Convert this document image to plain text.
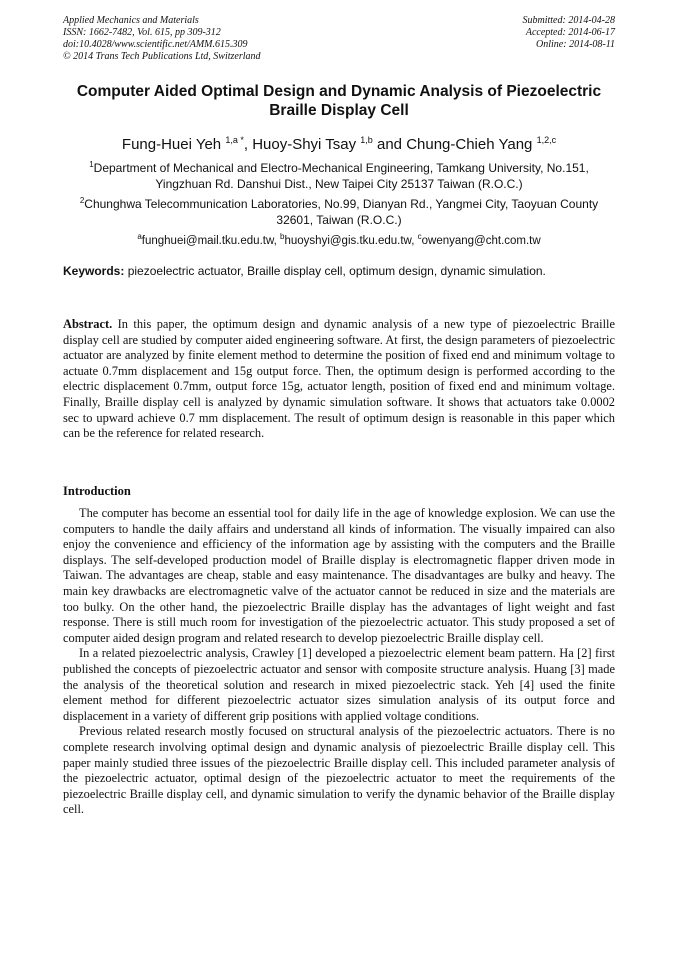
Applied Mechanics and Materials
ISSN: 1662-7482, Vol. 615, pp 309-312
doi:10.4028/www.scientific.net/AMM.615.309
© 2014 Trans Tech Publications Ltd, Switzerland
Submitted: 2014-04-28
Accepted: 2014-06-17
Online: 2014-08-11
Computer Aided Optimal Design and Dynamic Analysis of Piezoelectric Braille Display Cell
Fung-Huei Yeh $^{1,a *}$, Huoy-Shyi Tsay $^{1,b}$ and Chung-Chieh Yang $^{1,2,c}$
$^1$Department of Mechanical and Electro-Mechanical Engineering, Tamkang University, No.151, Yingzhuan Rd. Danshui Dist., New Taipei City 25137 Taiwan (R.O.C.)
$^2$Chunghwa Telecommunication Laboratories, No.99, Dianyan Rd., Yangmei City, Taoyuan County 32601, Taiwan (R.O.C.)
$^a$funghuei@mail.tku.edu.tw, $^b$huoyshyi@gis.tku.edu.tw, $^c$owenyang@cht.com.tw
Keywords: piezoelectric actuator, Braille display cell, optimum design, dynamic simulation.
Abstract. In this paper, the optimum design and dynamic analysis of a new type of piezoelectric Braille display cell are studied by computer aided engineering software. At first, the design parameters of piezoelectric actuator are analyzed by finite element method to determine the position of fixed end and minimum voltage to actuate 0.7mm displacement and 15g output force. Then, the optimum design is performed according to the electric displacement 0.7mm, output force 15g, actuator length, position of fixed end and minimum voltage. Finally, Braille display cell is analyzed by dynamic simulation software. It shows that actuators take 0.0002 sec to upward achieve 0.7 mm displacement. The result of optimum design is reasonable in this paper which can be the reference for related research.
Introduction

The computer has become an essential tool for daily life in the age of knowledge explosion. We can use the computers to handle the daily affairs and understand all kinds of information. The visually impaired can also enjoy the convenience and efficiency of the information age by assisting with the computers and the Braille displays. The self-developed production model of Braille display is electromagnetic flapper driven mode in Taiwan. The advantages are cheap, stable and easy maintenance. The disadvantages are bulky and heavy. The main key drawbacks are electromagnetic valve of the actuator cannot be reduced in size and the materials are too bulky. On the other hand, the piezoelectric Braille display has the advantages of light weight and fast response. There is still much room for investigation of the piezoelectric actuator. This study proposed a set of computer aided design program and related research to develop piezoelectric Braille display cell.

In a related piezoelectric analysis, Crawley [1] developed a piezoelectric element beam pattern. Ha [2] first published the concepts of piezoelectric actuator and sensor with composite structure analysis. Huang [3] made the analysis of the theoretical solution and research in mixed piezoelectric stack. Yeh [4] used the finite element method for different piezoelectric actuator sizes simulation analysis of its output force and displacement in a variety of different grip positions with applied voltage conditions.

Previous related research mostly focused on structural analysis of the piezoelectric actuators. There is no complete research involving optimal design and dynamic analysis of piezoelectric Braille display cell. This paper mainly studied three issues of the piezoelectric Braille display cell. This included parameter analysis of the piezoelectric actuator, optimal design of the piezoelectric actuator to meet the requirements of the piezoelectric Braille display cell, and dynamic simulation to verify the dynamic behavior of the Braille display cell.
